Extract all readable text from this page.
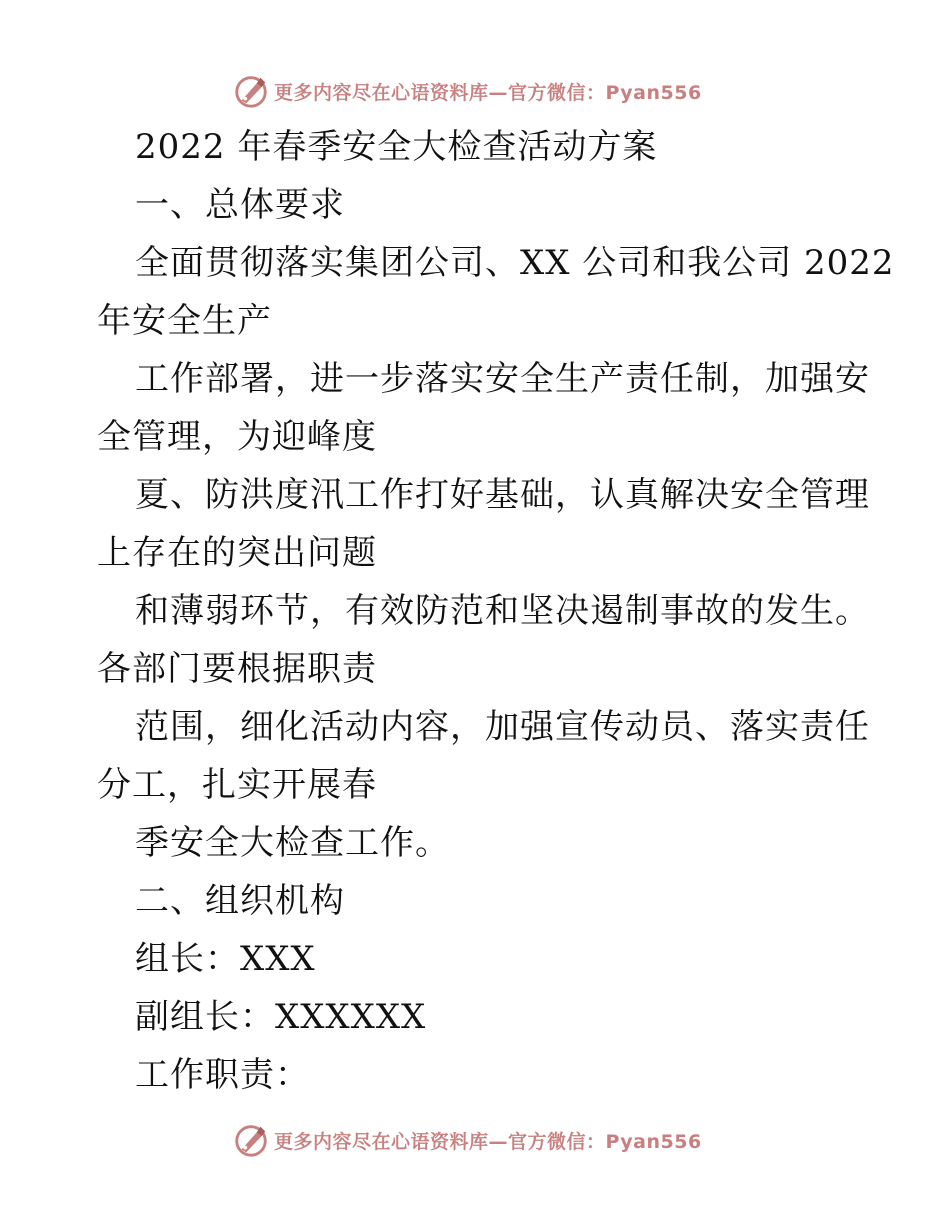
更多内容尽在心语资料库—官方微信：Pyan556
2022 年春季安全大检查活动方案
一、总体要求
全面贯彻落实集团公司、XX 公司和我公司 2022
年安全生产
工作部署，进一步落实安全生产责任制，加强安
全管理，为迎峰度
夏、防洪度汛工作打好基础，认真解决安全管理
上存在的突出问题
和薄弱环节，有效防范和坚决遏制事故的发生。
各部门要根据职责
范围，细化活动内容，加强宣传动员、落实责任
分工，扎实开展春
季安全大检查工作。
二、组织机构
组长：XXX
副组长：XXXXXX
工作职责：
更多内容尽在心语资料库—官方微信：Pyan556
